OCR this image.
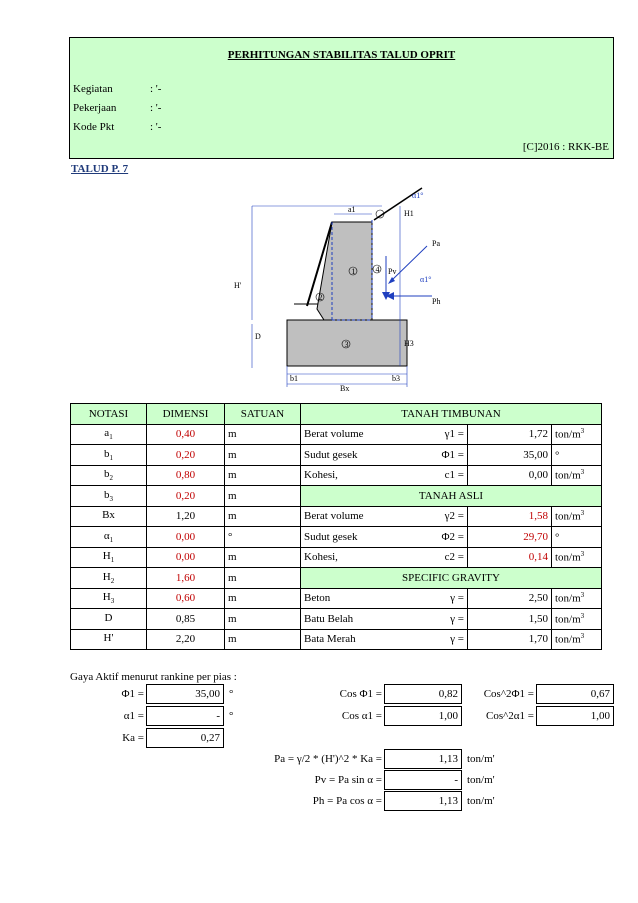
PERHITUNGAN STABILITAS TALUD OPRIT
Kegiatan	: '-
Pekerjaan	: '-
Kode Pkt	: '-
[C]2016 : RKK-BE
TALUD P. 7
1
2
3
4
a1	H1
α1°
α1°
Pa
Pv
Ph
H'
D
H3
b1
Bx
b3
NOTASI	DIMENSI	SATUAN	TANAH TIMBUNAN			
$a_1$	0,40	m	Berat volume	γ1 =	1,72	ton/$m^3$
$b_1$	0,20	m	Sudut gesek	Φ1 =	35,00	°
$b_2$	0,80	m	Kohesi,	c1 =	0,00	ton/$m^3$
$b_3$	0,20	m	TANAH ASLI			
Bx	1,20	m	Berat volume	γ2 =	1,58	ton/$m^3$
$\alpha_1$	0,00	°	Sudut gesek	Φ2 =	29,70	°
$H_1$	0,00	m	Kohesi,	c2 =	0,14	ton/$m^3$
$H_2$	1,60	m	SPECIFIC GRAVITY			
$H_3$	0,60	m	Beton	γ =	2,50	ton/$m^3$
D	0,85	m	Batu Belah	γ =	1,50	ton/$m^3$
H'	2,20	m	Bata Merah	γ =	1,70	ton/$m^3$
Gaya Aktif menurut rankine per pias :
Φ1 =	35,00 °
α1 =	- °
Ka =	0,27
Cos Φ1 =	0,82
Cos α1 =	1,00
Cos^2Φ1 =	0,67
Cos^2α1 =	1,00
Pa = γ/2 * (H')^2 * Ka =	1,13 ton/m'
Pv = Pa sin α =	- ton/m'
Ph = Pa cos α =	1,13 ton/m'
